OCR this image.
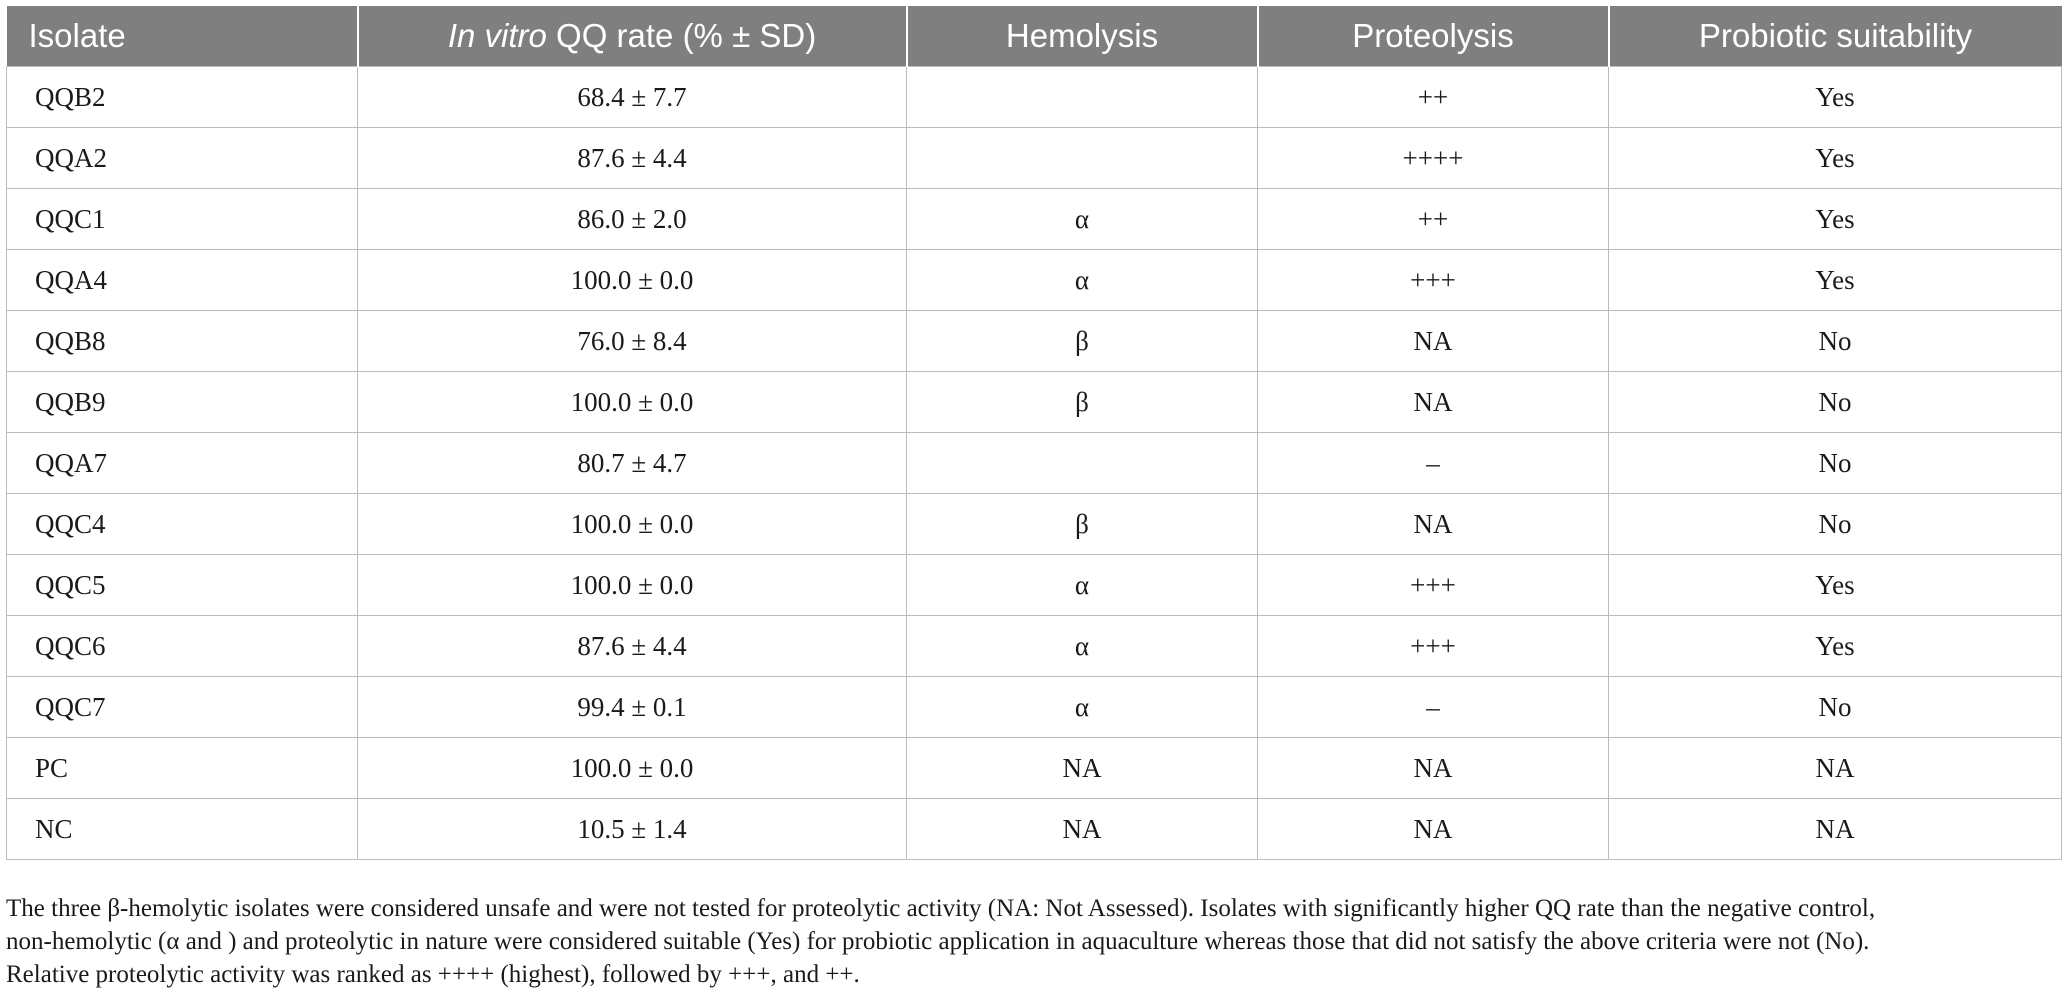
Isolate	In vitro QQ rate (% ± SD)	Hemolysis	Proteolysis	Probiotic suitability
QQB2	68.4 ± 7.7		++	Yes
QQA2	87.6 ± 4.4		++++	Yes
QQC1	86.0 ± 2.0	α	++	Yes
QQA4	100.0 ± 0.0	α	+++	Yes
QQB8	76.0 ± 8.4	β	NA	No
QQB9	100.0 ± 0.0	β	NA	No
QQA7	80.7 ± 4.7		–	No
QQC4	100.0 ± 0.0	β	NA	No
QQC5	100.0 ± 0.0	α	+++	Yes
QQC6	87.6 ± 4.4	α	+++	Yes
QQC7	99.4 ± 0.1	α	–	No
PC	100.0 ± 0.0	NA	NA	NA
NC	10.5 ± 1.4	NA	NA	NA

The three β-hemolytic isolates were considered unsafe and were not tested for proteolytic activity (NA: Not Assessed). Isolates with significantly higher QQ rate than the negative control,

non-hemolytic (α and ) and proteolytic in nature were considered suitable (Yes) for probiotic application in aquaculture whereas those that did not satisfy the above criteria were not (No).

Relative proteolytic activity was ranked as ++++ (highest), followed by +++, and ++.
